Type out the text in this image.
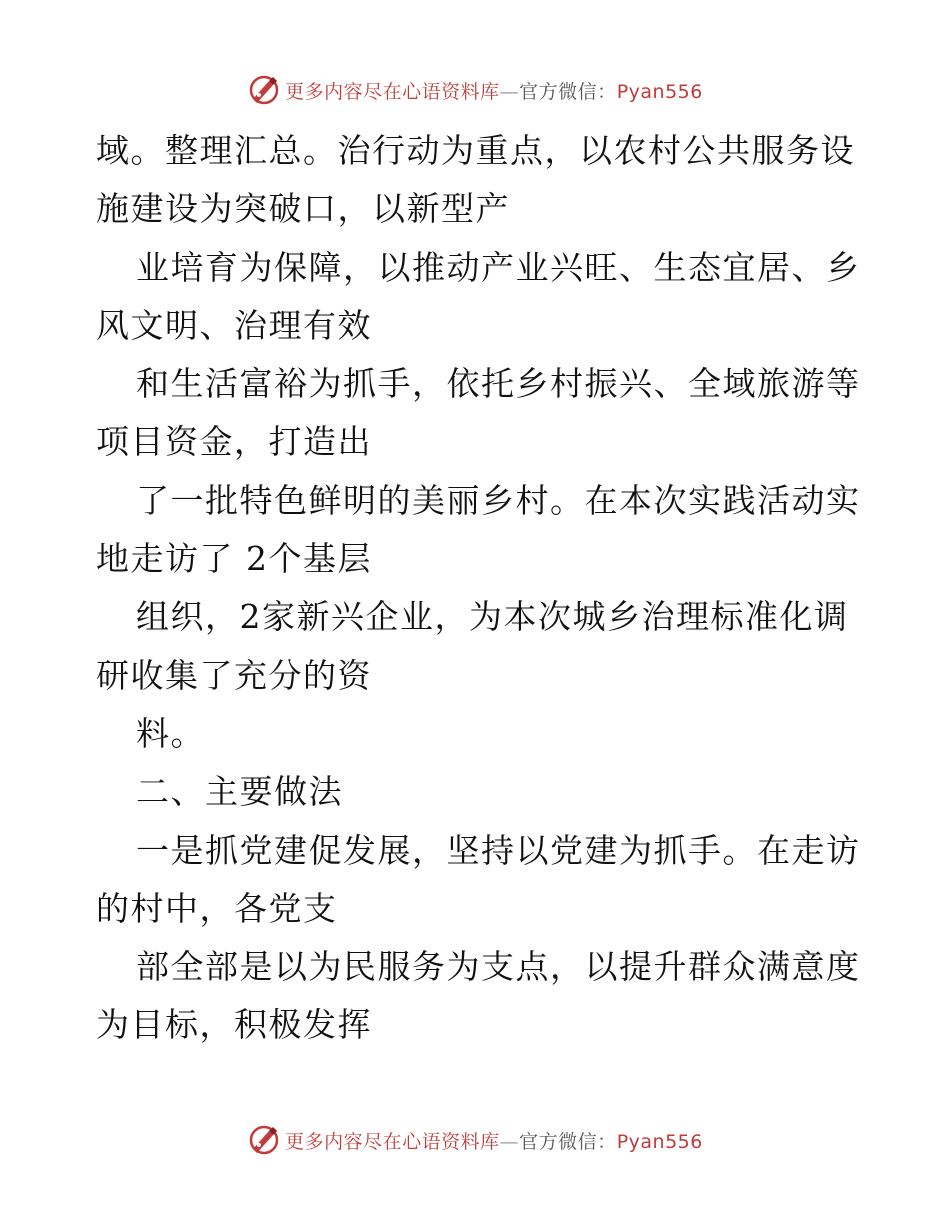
更多内容尽在心语资料库—官方微信：Pyan556
域。整理汇总。治行动为重点，以农村公共服务设
施建设为突破口，以新型产
业培育为保障，以推动产业兴旺、生态宜居、乡
风文明、治理有效
和生活富裕为抓手，依托乡村振兴、全域旅游等
项目资金，打造出
了一批特色鲜明的美丽乡村。在本次实践活动实
地走访了 2个基层
组织，2家新兴企业，为本次城乡治理标准化调
研收集了充分的资
料。
二、主要做法
一是抓党建促发展，坚持以党建为抓手。在走访
的村中，各党支
部全部是以为民服务为支点，以提升群众满意度
为目标，积极发挥
更多内容尽在心语资料库—官方微信：Pyan556
